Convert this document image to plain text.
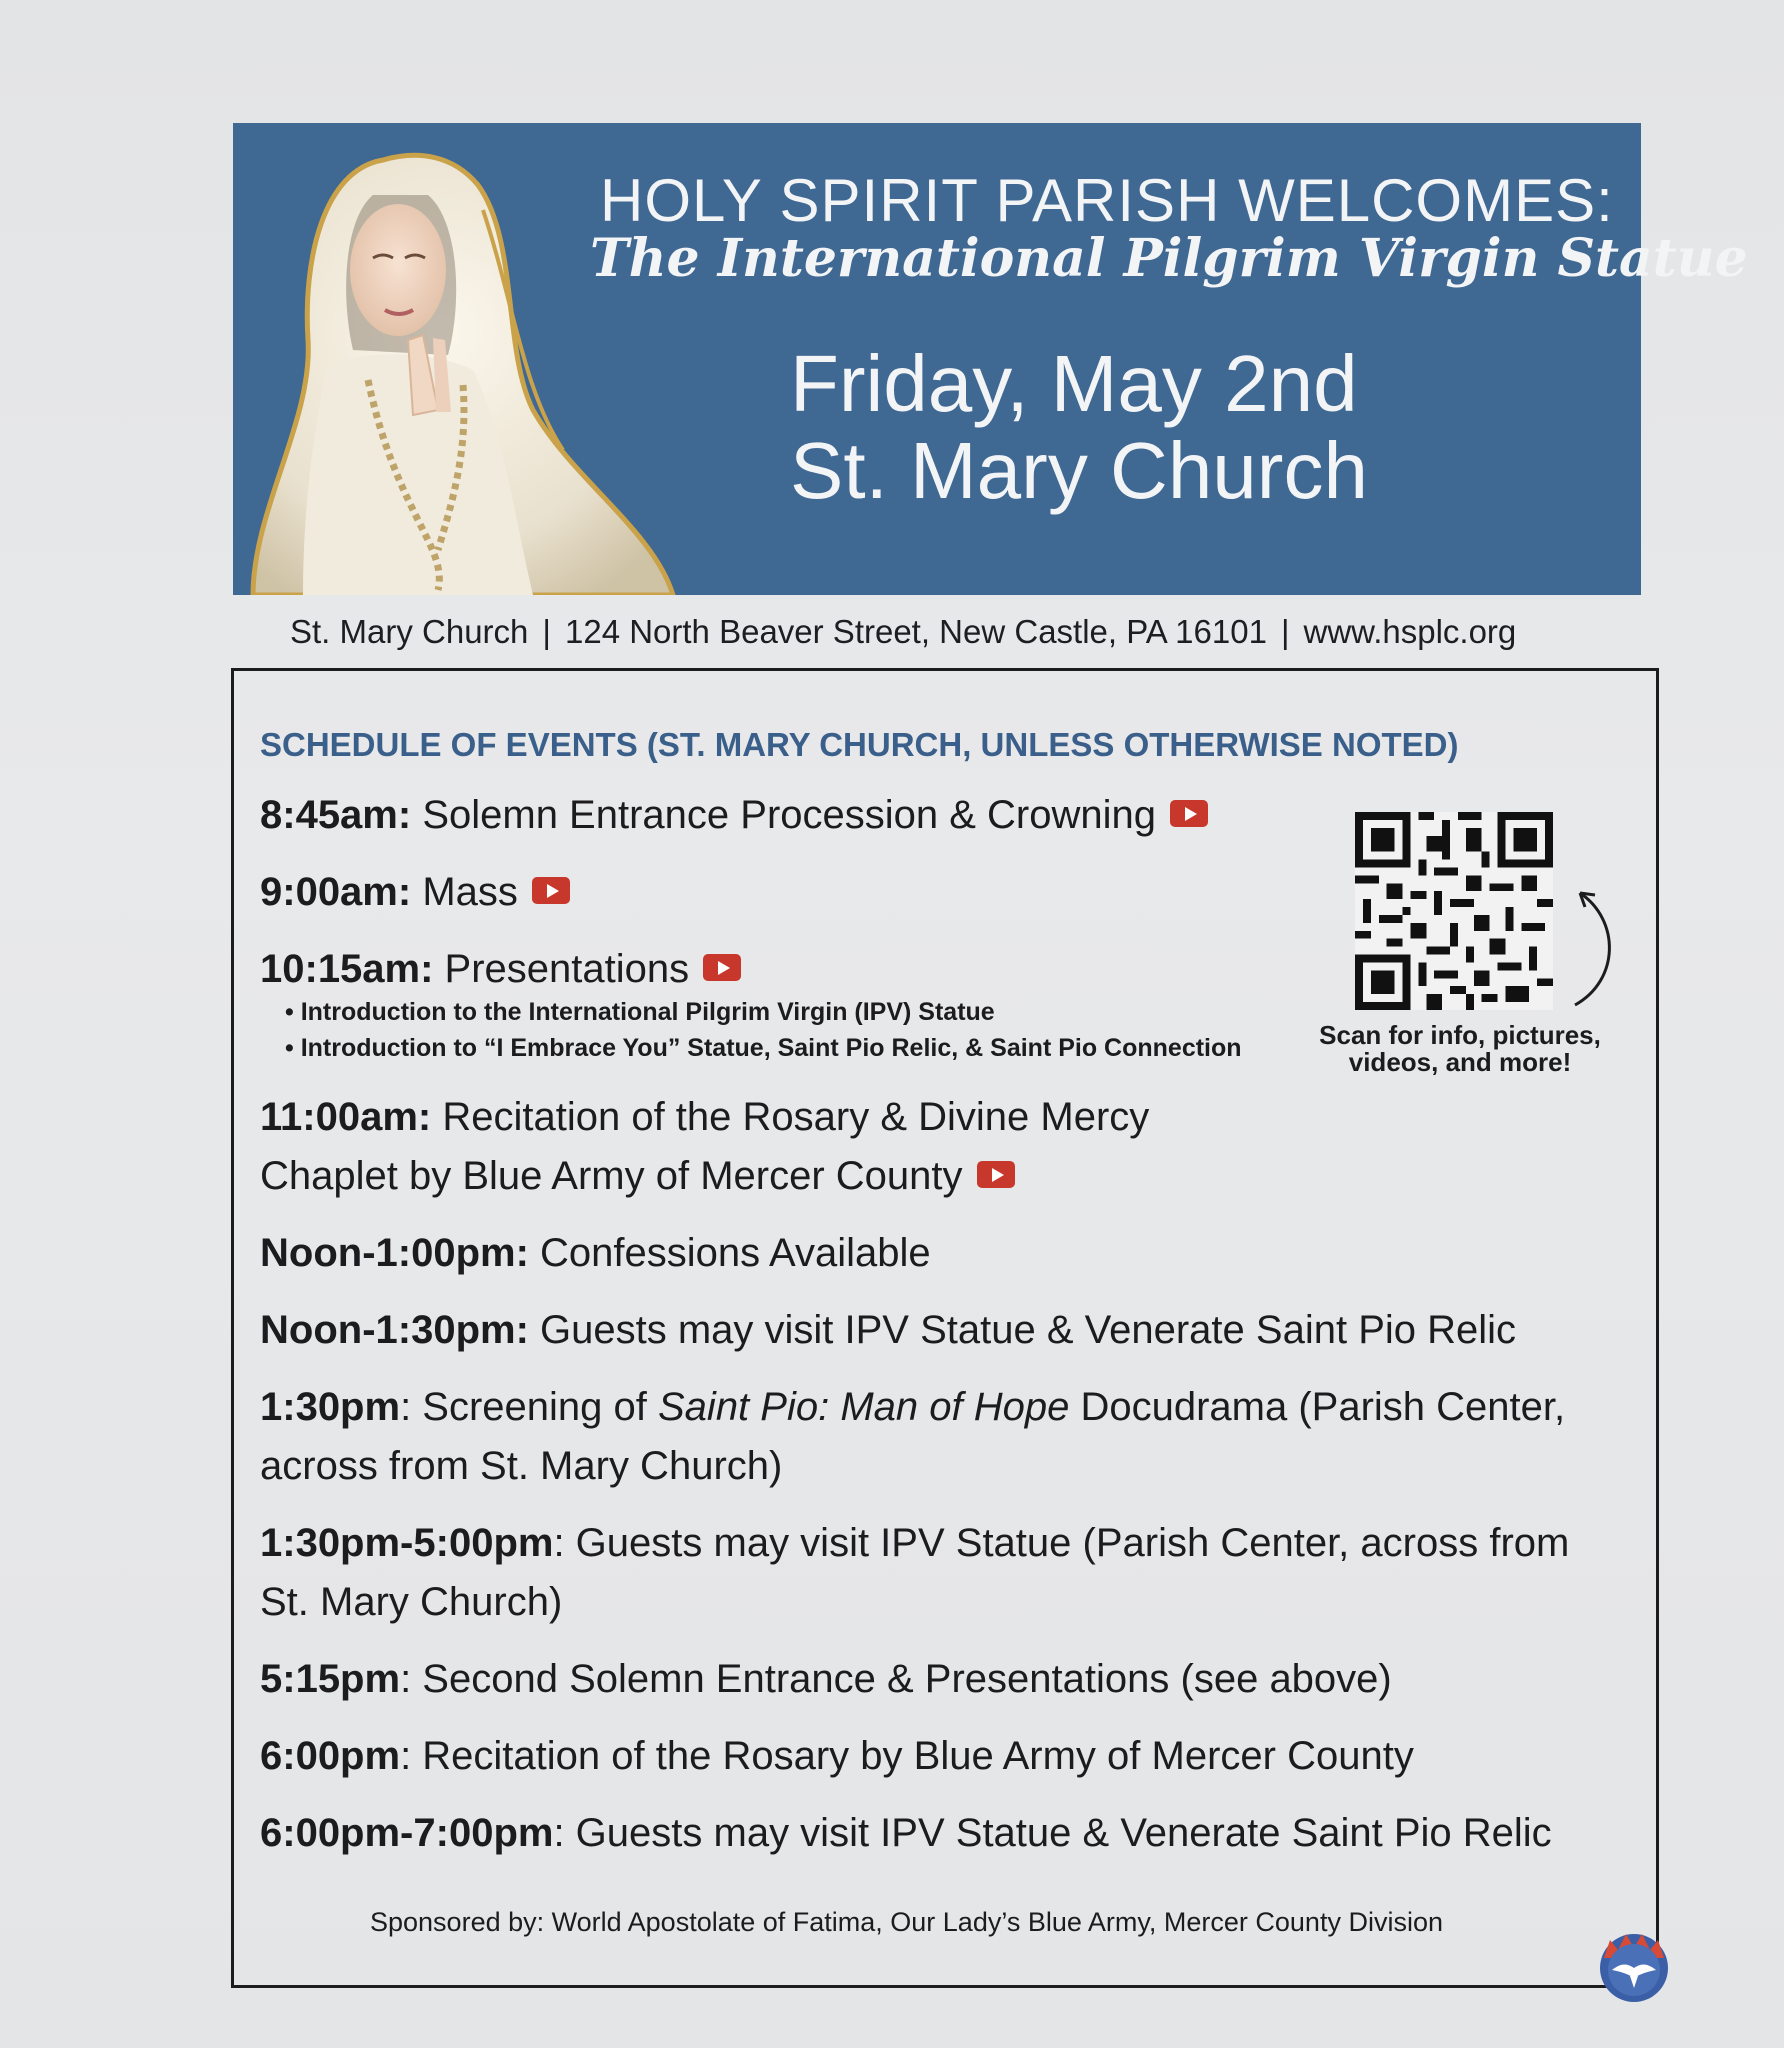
HOLY SPIRIT PARISH WELCOMES:
The International Pilgrim Virgin Statue
Friday, May 2nd
St. Mary Church
St. Mary Church | 124 North Beaver Street, New Castle, PA 16101 | www.hsplc.org
SCHEDULE OF EVENTS (ST. MARY CHURCH, UNLESS OTHERWISE NOTED)
8:45am: Solemn Entrance Procession & Crowning
9:00am: Mass
10:15am: Presentations
• Introduction to the International Pilgrim Virgin (IPV) Statue
• Introduction to “I Embrace You” Statue, Saint Pio Relic, & Saint Pio Connection
11:00am: Recitation of the Rosary & Divine Mercy
Chaplet by Blue Army of Mercer County
Noon-1:00pm: Confessions Available
Noon-1:30pm: Guests may visit IPV Statue & Venerate Saint Pio Relic
1:30pm: Screening of Saint Pio: Man of Hope Docudrama (Parish Center,
across from St. Mary Church)
1:30pm-5:00pm: Guests may visit IPV Statue (Parish Center, across from
St. Mary Church)
5:15pm: Second Solemn Entrance & Presentations (see above)
6:00pm: Recitation of the Rosary by Blue Army of Mercer County
6:00pm-7:00pm: Guests may visit IPV Statue & Venerate Saint Pio Relic
Scan for info, pictures,
videos, and more!
Sponsored by: World Apostolate of Fatima, Our Lady’s Blue Army, Mercer County Division
